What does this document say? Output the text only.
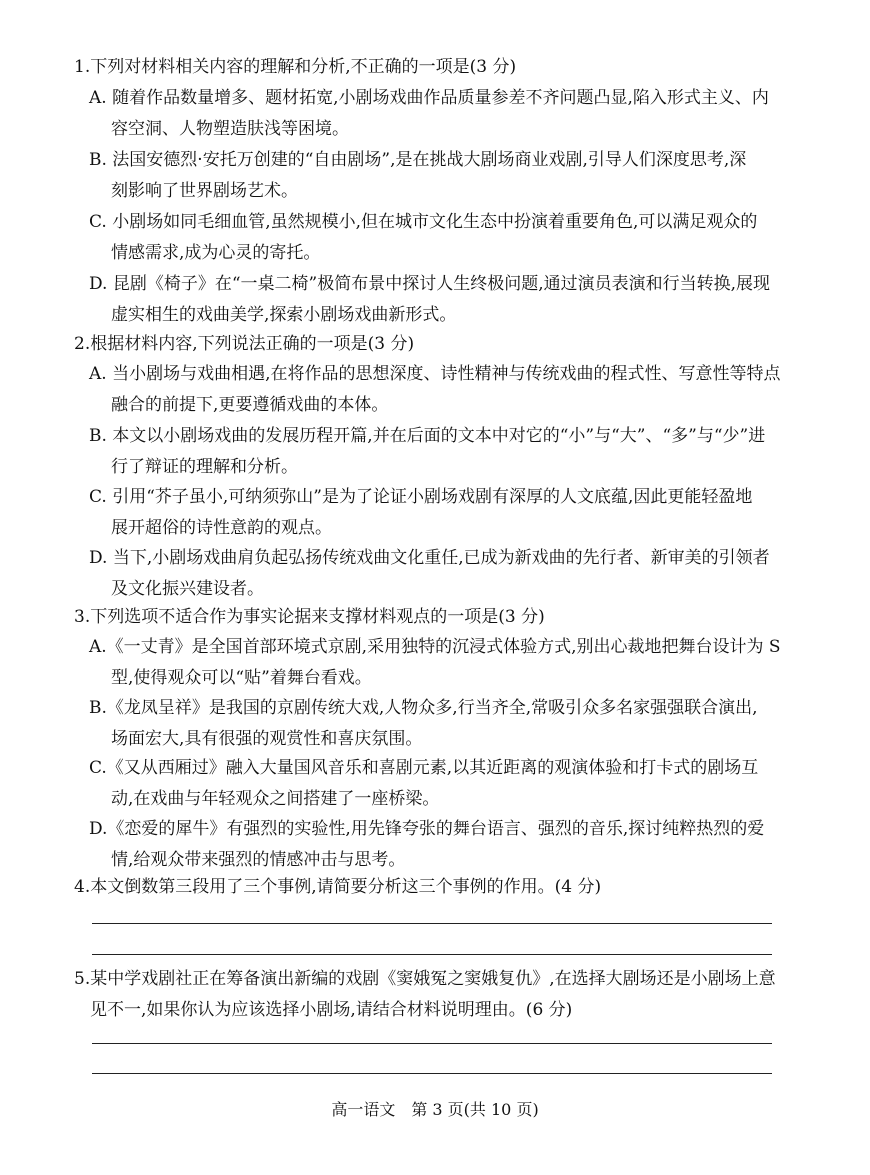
1.下列对材料相关内容的理解和分析,不正确的一项是(3 分)
A. 随着作品数量增多、题材拓宽,小剧场戏曲作品质量参差不齐问题凸显,陷入形式主义、内
容空洞、人物塑造肤浅等困境。
B. 法国安德烈·安托万创建的“自由剧场”,是在挑战大剧场商业戏剧,引导人们深度思考,深
刻影响了世界剧场艺术。
C. 小剧场如同毛细血管,虽然规模小,但在城市文化生态中扮演着重要角色,可以满足观众的
情感需求,成为心灵的寄托。
D. 昆剧《椅子》在“一桌二椅”极简布景中探讨人生终极问题,通过演员表演和行当转换,展现
虚实相生的戏曲美学,探索小剧场戏曲新形式。
2.根据材料内容,下列说法正确的一项是(3 分)
A. 当小剧场与戏曲相遇,在将作品的思想深度、诗性精神与传统戏曲的程式性、写意性等特点
融合的前提下,更要遵循戏曲的本体。
B. 本文以小剧场戏曲的发展历程开篇,并在后面的文本中对它的“小”与“大”、“多”与“少”进
行了辩证的理解和分析。
C. 引用“芥子虽小,可纳须弥山”是为了论证小剧场戏剧有深厚的人文底蕴,因此更能轻盈地
展开超俗的诗性意韵的观点。
D. 当下,小剧场戏曲肩负起弘扬传统戏曲文化重任,已成为新戏曲的先行者、新审美的引领者
及文化振兴建设者。
3.下列选项不适合作为事实论据来支撑材料观点的一项是(3 分)
A.《一丈青》是全国首部环境式京剧,采用独特的沉浸式体验方式,别出心裁地把舞台设计为 S
型,使得观众可以“贴”着舞台看戏。
B.《龙凤呈祥》是我国的京剧传统大戏,人物众多,行当齐全,常吸引众多名家强强联合演出,
场面宏大,具有很强的观赏性和喜庆氛围。
C.《又从西厢过》融入大量国风音乐和喜剧元素,以其近距离的观演体验和打卡式的剧场互
动,在戏曲与年轻观众之间搭建了一座桥梁。
D.《恋爱的犀牛》有强烈的实验性,用先锋夸张的舞台语言、强烈的音乐,探讨纯粹热烈的爱
情,给观众带来强烈的情感冲击与思考。
4.本文倒数第三段用了三个事例,请简要分析这三个事例的作用。(4 分)
5.某中学戏剧社正在筹备演出新编的戏剧《窦娥冤之窦娥复仇》,在选择大剧场还是小剧场上意
见不一,如果你认为应该选择小剧场,请结合材料说明理由。(6 分)
高一语文　第 3 页(共 10 页)
